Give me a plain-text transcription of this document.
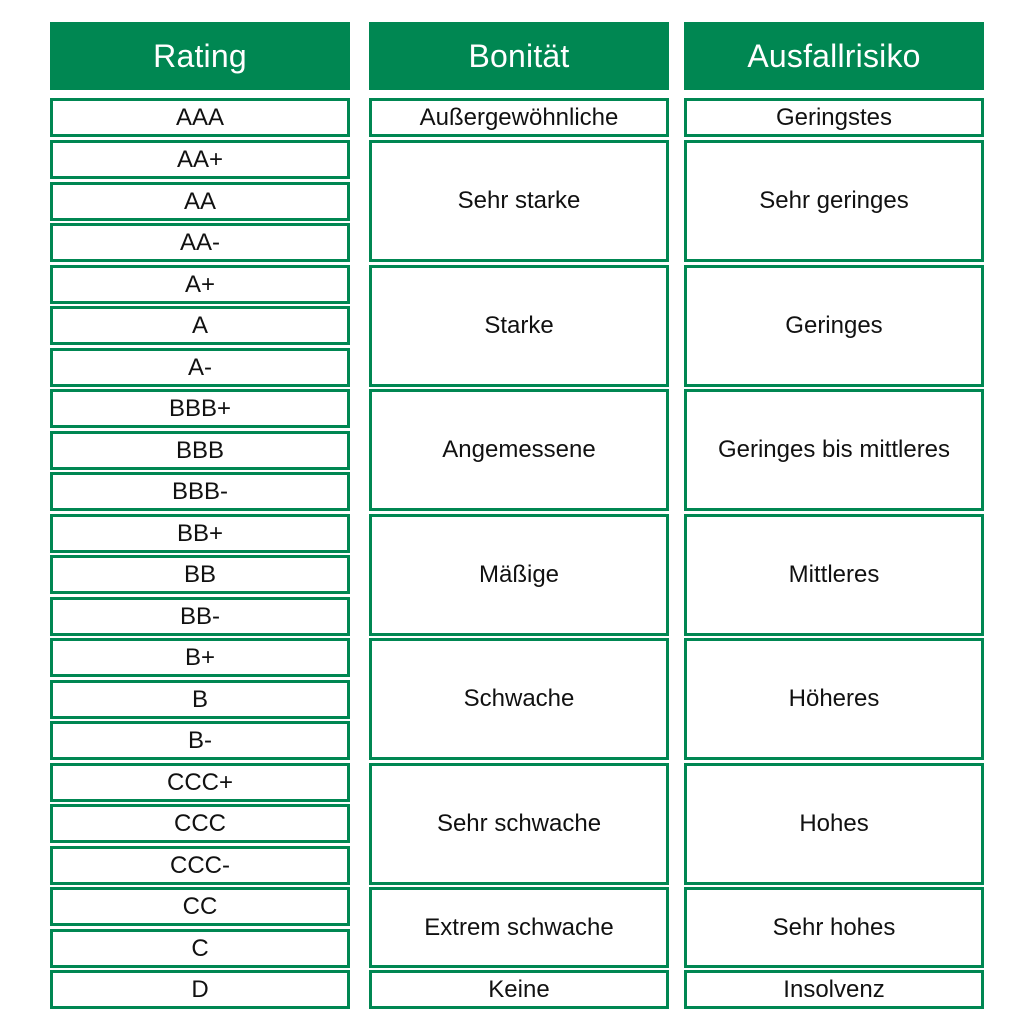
Rating
AAA
AA+
AA
AA-
A+
A
A-
BBB+
BBB
BBB-
BB+
BB
BB-
B+
B
B-
CCC+
CCC
CCC-
CC
C
D
Bonität
Außergewöhnliche
Sehr starke
Starke
Angemessene
Mäßige
Schwache
Sehr schwache
Extrem schwache
Keine
Ausfallrisiko
Geringstes
Sehr geringes
Geringes
Geringes bis mittleres
Mittleres
Höheres
Hohes
Sehr hohes
Insolvenz
